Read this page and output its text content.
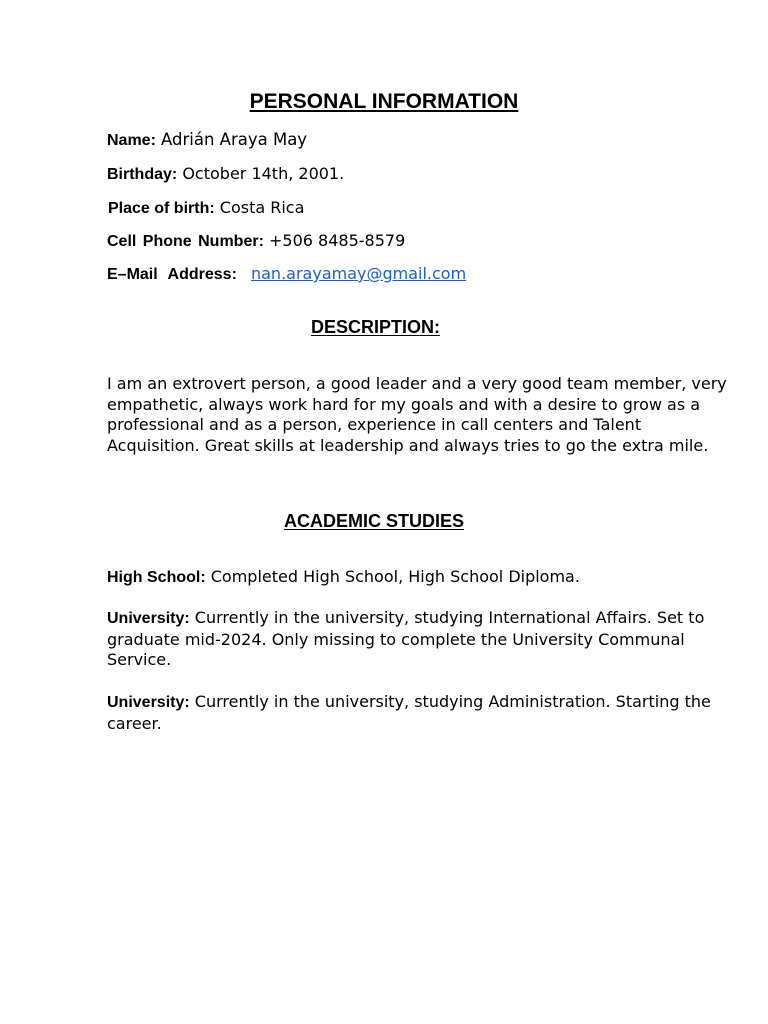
PERSONAL INFORMATION
Name: Adrián Araya May
Birthday: October 14th, 2001.
Place of birth: Costa Rica
Cell Phone Number: +506 8485-8579
E–Mail Address: nan.arayamay@gmail.com
DESCRIPTION:
I am an extrovert person, a good leader and a very good team member, very empathetic, always work hard for my goals and with a desire to grow as a professional and as a person, experience in call centers and Talent Acquisition. Great skills at leadership and always tries to go the extra mile.
ACADEMIC STUDIES
High School: Completed High School, High School Diploma.
University: Currently in the university, studying International Affairs. Set to graduate mid-2024. Only missing to complete the University Communal Service.
University: Currently in the university, studying Administration. Starting the career.
